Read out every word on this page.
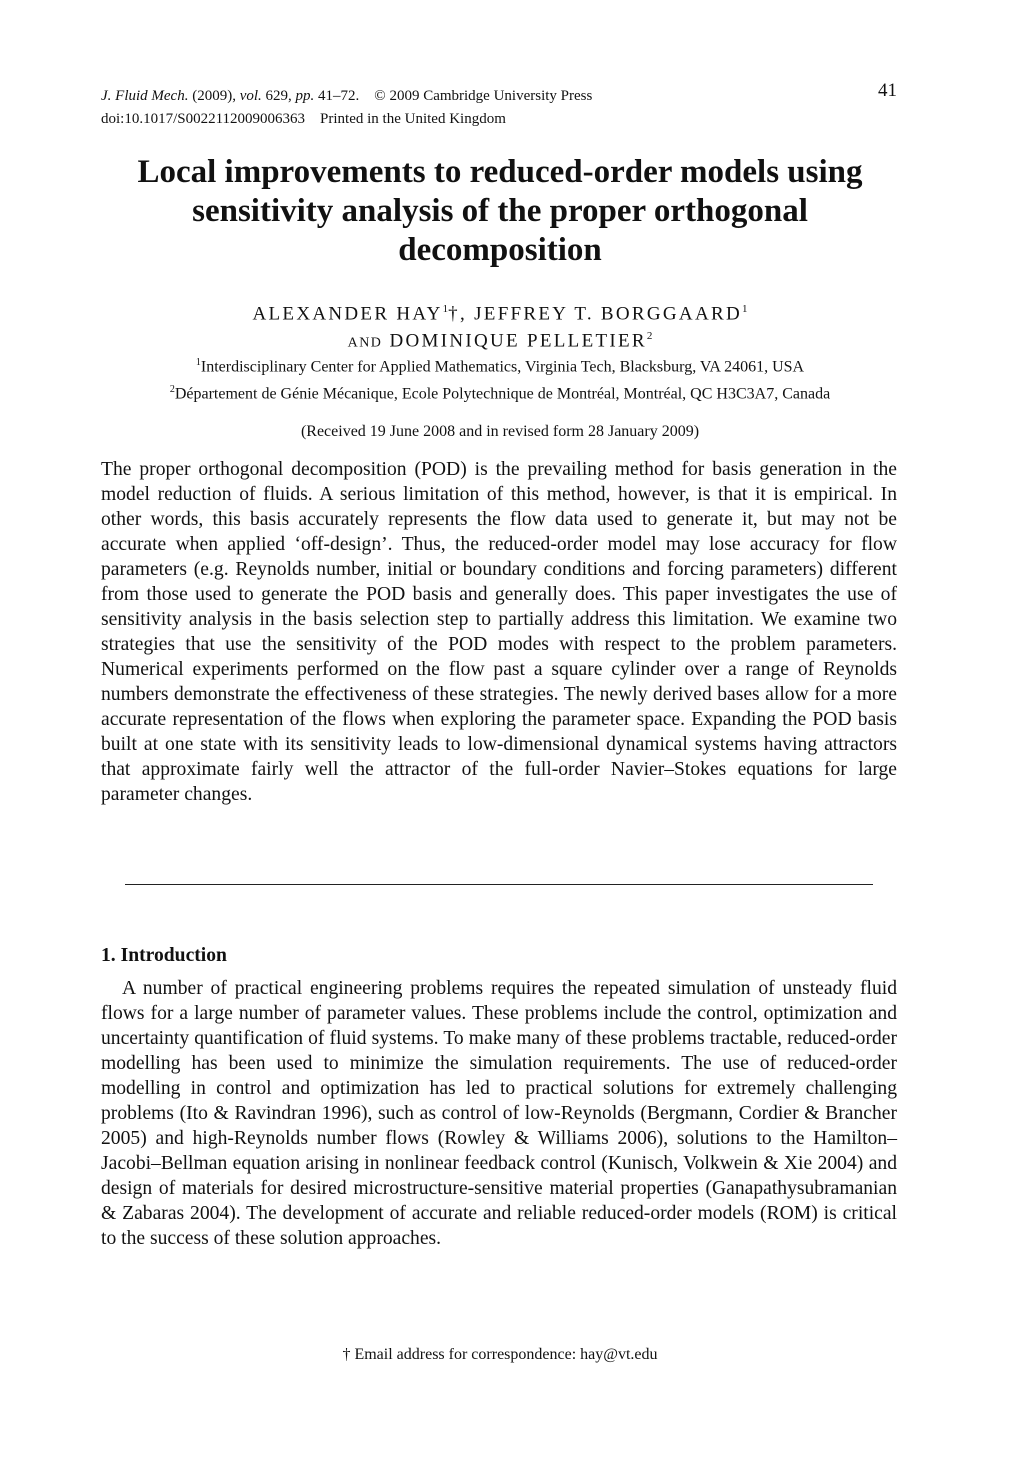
J. Fluid Mech. (2009), vol. 629, pp. 41–72. © 2009 Cambridge University Press
doi:10.1017/S0022112009006363 Printed in the United Kingdom
41
Local improvements to reduced-order models using sensitivity analysis of the proper orthogonal decomposition
ALEXANDER HAY$^1$†, JEFFREY T. BORGGAARD$^1$
AND DOMINIQUE PELLETIER$^2$
$^1$Interdisciplinary Center for Applied Mathematics, Virginia Tech, Blacksburg, VA 24061, USA
$^2$Département de Génie Mécanique, Ecole Polytechnique de Montréal, Montréal, QC H3C3A7, Canada
(Received 19 June 2008 and in revised form 28 January 2009)

The proper orthogonal decomposition (POD) is the prevailing method for basis generation in the model reduction of fluids. A serious limitation of this method, however, is that it is empirical. In other words, this basis accurately represents the flow data used to generate it, but may not be accurate when applied ‘off-design’. Thus, the reduced-order model may lose accuracy for flow parameters (e.g. Reynolds number, initial or boundary conditions and forcing parameters) different from those used to generate the POD basis and generally does. This paper investigates the use of sensitivity analysis in the basis selection step to partially address this limitation. We examine two strategies that use the sensitivity of the POD modes with respect to the problem parameters. Numerical experiments performed on the flow past a square cylinder over a range of Reynolds numbers demonstrate the effectiveness of these strategies. The newly derived bases allow for a more accurate representation of the flows when exploring the parameter space. Expanding the POD basis built at one state with its sensitivity leads to low-dimensional dynamical systems having attractors that approximate fairly well the attractor of the full-order Navier–Stokes equations for large parameter changes.

1. Introduction

A number of practical engineering problems requires the repeated simulation of unsteady fluid flows for a large number of parameter values. These problems include the control, optimization and uncertainty quantification of fluid systems. To make many of these problems tractable, reduced-order modelling has been used to minimize the simulation requirements. The use of reduced-order modelling in control and optimization has led to practical solutions for extremely challenging problems (Ito & Ravindran 1996), such as control of low-Reynolds (Bergmann, Cordier & Brancher 2005) and high-Reynolds number flows (Rowley & Williams 2006), solutions to the Hamilton–Jacobi–Bellman equation arising in nonlinear feedback control (Kunisch, Volkwein & Xie 2004) and design of materials for desired microstructure-sensitive material properties (Ganapathysubramanian & Zabaras 2004). The development of accurate and reliable reduced-order models (ROM) is critical to the success of these solution approaches.

† Email address for correspondence: hay@vt.edu
